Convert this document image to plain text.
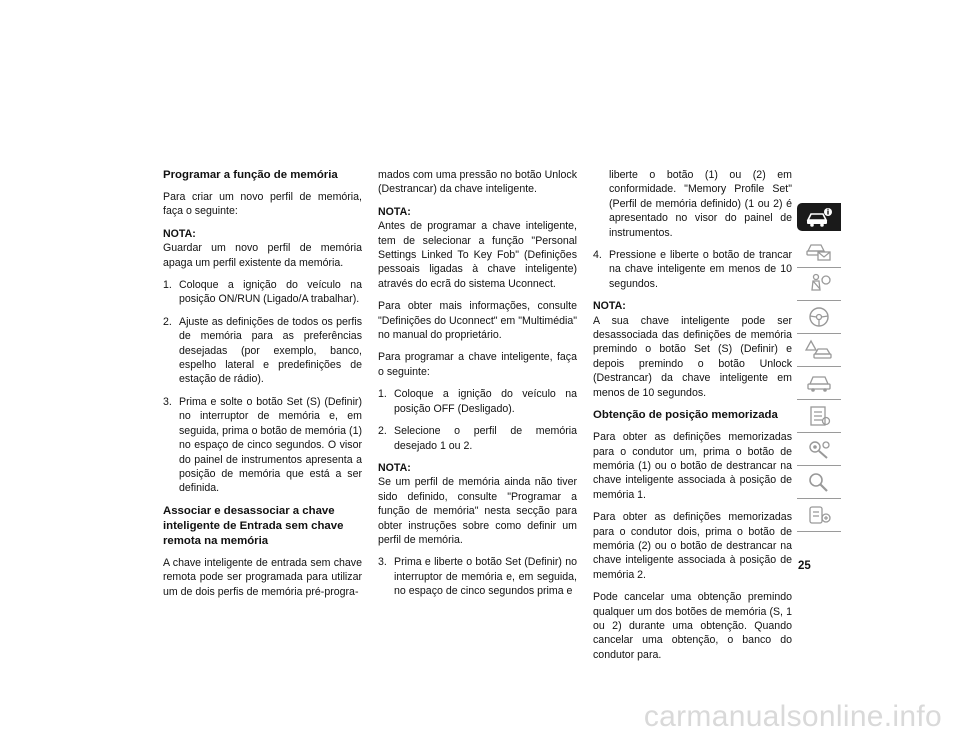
Programar a função de memória
Para criar um novo perfil de memória, faça o seguinte:
NOTA:
Guardar um novo perfil de memória apaga um perfil existente da memória.
1. Coloque a ignição do veículo na posição ON/RUN (Ligado/A trabalhar).
2. Ajuste as definições de todos os perfis de memória para as preferências desejadas (por exemplo, banco, espelho lateral e predefinições de estação de rádio).
3. Prima e solte o botão Set (S) (Definir) no interruptor de memória e, em seguida, prima o botão de memória (1) no espaço de cinco segundos. O visor do painel de instrumentos apresenta a posição de memória que está a ser definida.
Associar e desassociar a chave inteligente de Entrada sem chave remota na memória
A chave inteligente de entrada sem chave remota pode ser programada para utilizar um de dois perfis de memória pré-progra-
mados com uma pressão no botão Unlock (Destrancar) da chave inteligente.
NOTA:
Antes de programar a chave inteligente, tem de selecionar a função "Personal Settings Linked To Key Fob" (Definições pessoais ligadas à chave inteligente) através do ecrã do sistema Uconnect.
Para obter mais informações, consulte "Definições do Uconnect" em "Multimédia" no manual do proprietário.
Para programar a chave inteligente, faça o seguinte:
1. Coloque a ignição do veículo na posição OFF (Desligado).
2. Selecione o perfil de memória desejado 1 ou 2.
NOTA:
Se um perfil de memória ainda não tiver sido definido, consulte "Programar a função de memória" nesta secção para obter instruções sobre como definir um perfil de memória.
3. Prima e liberte o botão Set (Definir) no interruptor de memória e, em seguida, no espaço de cinco segundos prima e
liberte o botão (1) ou (2) em conformidade. "Memory Profile Set" (Perfil de memória definido) (1 ou 2) é apresentado no visor do painel de instrumentos.
4. Pressione e liberte o botão de trancar na chave inteligente em menos de 10 segundos.
NOTA:
A sua chave inteligente pode ser desassociada das definições de memória premindo o botão Set (S) (Definir) e depois premindo o botão Unlock (Destrancar) da chave inteligente em menos de 10 segundos.
Obtenção de posição memorizada
Para obter as definições memorizadas para o condutor um, prima o botão de memória (1) ou o botão de destrancar na chave inteligente associada à posição de memória 1.
Para obter as definições memorizadas para o condutor dois, prima o botão de memória (2) ou o botão de destrancar na chave inteligente associada à posição de memória 2.
Pode cancelar uma obtenção premindo qualquer um dos botões de memória (S, 1 ou 2) durante uma obtenção. Quando cancelar uma obtenção, o banco do condutor para.
25
carmanualsonline.info
